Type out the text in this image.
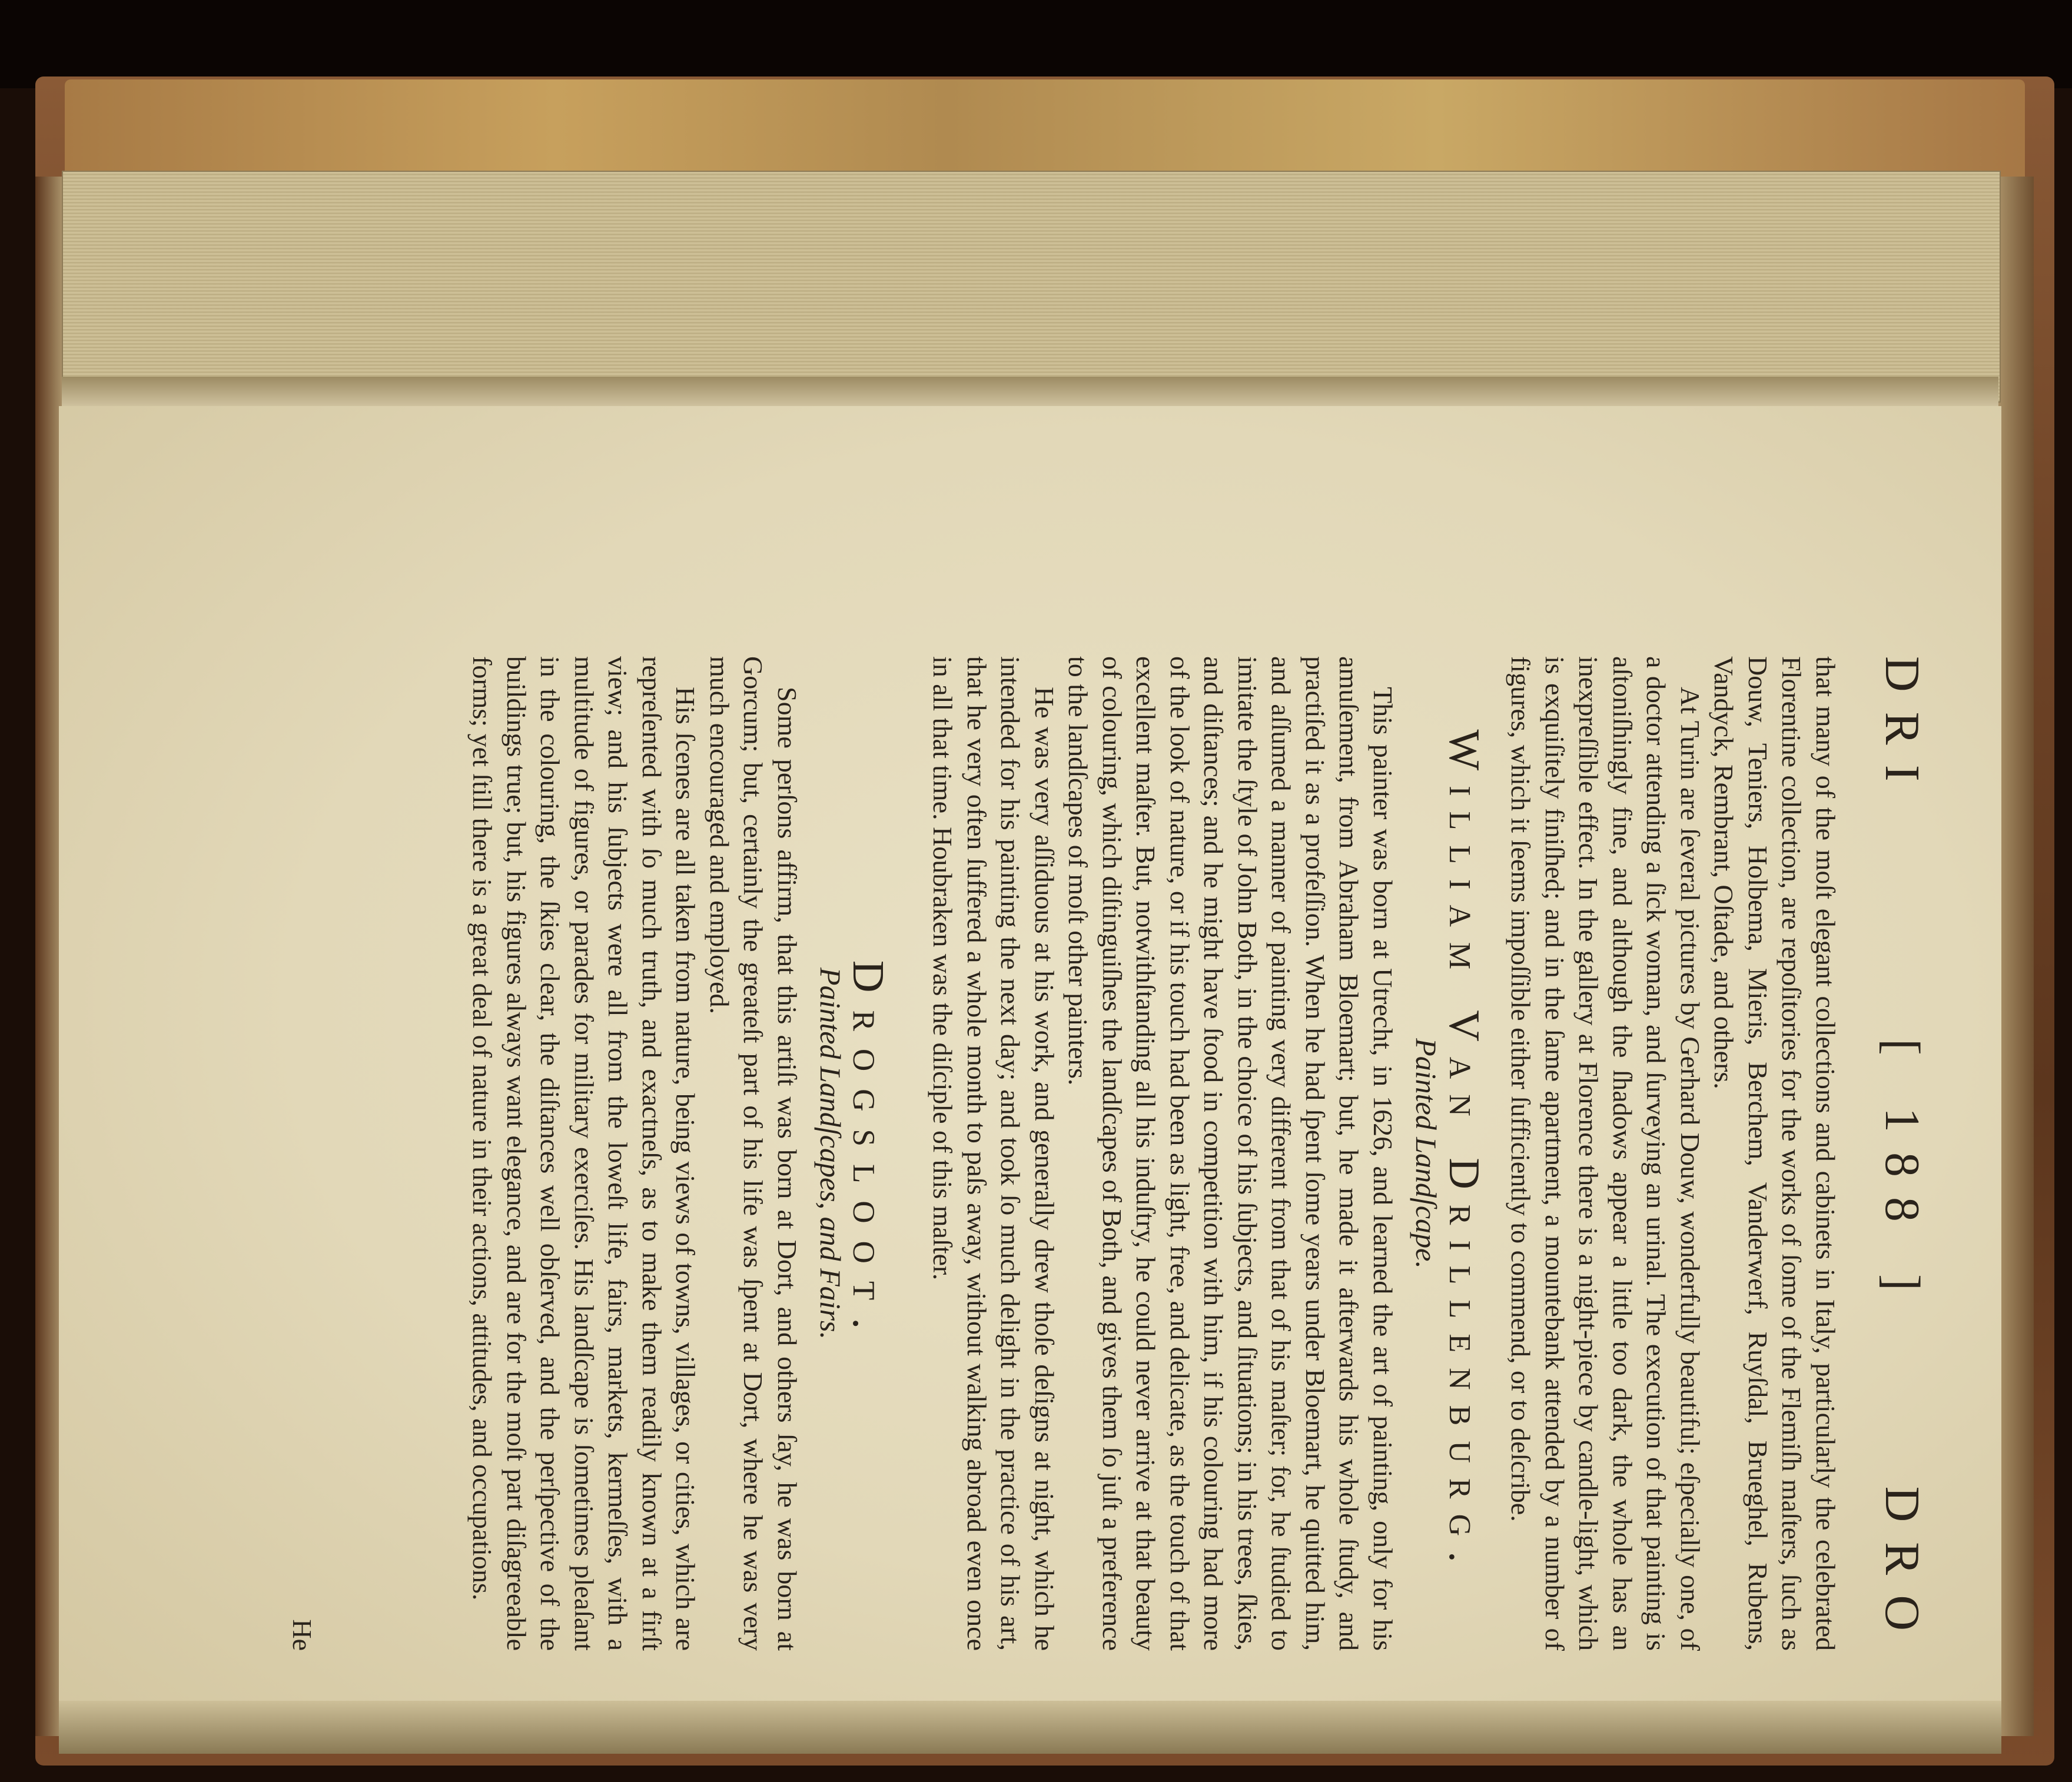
DRI
[ 188 ]
DRO

that many of the moſt elegant collections and cabinets in Italy, particularly the celebrated Florentine collection, are repoſitories for the works of ſome of the Flemiſh maſters, ſuch as Douw, Teniers, Holbema, Mieris, Berchem, Vanderwerf, Ruyſdal, Brueghel, Rubens, Vandyck, Rembrant, Oſtade, and others.

At Turin are ſeveral pictures by Gerhard Douw, wonderfully beautiful; eſpecially one, of a doctor attending a ſick woman, and ſurveying an urinal. The execution of that painting is aſtoniſhingly fine, and although the ſhadows appear a little too dark, the whole has an inexpreſſible effect. In the gallery at Florence there is a night-piece by candle-light, which is exquiſitely finiſhed; and in the ſame apartment, a mountebank attended by a number of figures, which it ſeems impoſſible either ſufficiently to commend, or to deſcribe.

William Van Drillenburg.
Painted Landſcape.

This painter was born at Utrecht, in 1626, and learned the art of painting, only for his amuſement, from Abraham Bloemart; but, he made it afterwards his whole ſtudy, and practiſed it as a profeſſion. When he had ſpent ſome years under Bloemart, he quitted him, and aſſumed a manner of painting very different from that of his maſter; for, he ſtudied to imitate the ſtyle of John Both, in the choice of his ſubjects, and ſituations; in his trees, ſkies, and diſtances; and he might have ſtood in competition with him, if his colouring had more of the look of nature, or if his touch had been as light, free, and delicate, as the touch of that excellent maſter. But, notwithſtanding all his induſtry, he could never arrive at that beauty of colouring, which diſtinguiſhes the landſcapes of Both, and gives them ſo juſt a preference to the landſcapes of moſt other painters.

He was very aſſiduous at his work, and generally drew thoſe deſigns at night, which he intended for his painting the next day; and took ſo much delight in the practice of his art, that he very often ſuffered a whole month to paſs away, without walking abroad even once in all that time. Houbraken was the diſciple of this maſter.

Drogsloot.
Painted Landſcapes, and Fairs.

Some perſons affirm, that this artiſt was born at Dort, and others ſay, he was born at Gorcum; but, certainly the greateſt part of his life was ſpent at Dort, where he was very much encouraged and employed.

His ſcenes are all taken from nature, being views of towns, villages, or cities, which are repreſented with ſo much truth, and exactneſs, as to make them readily known at a firſt view; and his ſubjects were all from the loweſt life, fairs, markets, kermeſſes, with a multitude of figures, or parades for military exerciſes. His landſcape is ſometimes pleaſant in the colouring, the ſkies clear, the diſtances well obſerved, and the perſpective of the buildings true; but, his figures always want elegance, and are for the moſt part diſagreeable forms; yet ſtill there is a great deal of nature in their actions, attitudes, and occupations.

He
